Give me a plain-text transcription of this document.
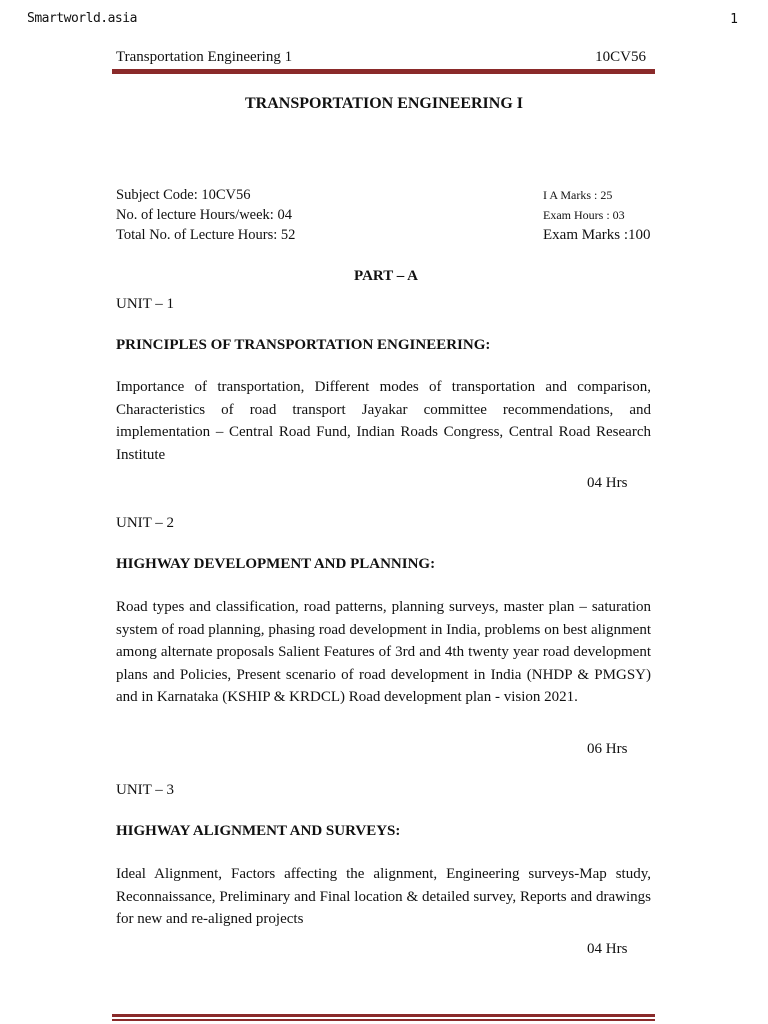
Smartworld.asia	1
Transportation Engineering 1	10CV56
TRANSPORTATION ENGINEERING I
Subject Code: 10CV56
No. of lecture Hours/week: 04
Total No. of Lecture Hours: 52
I A Marks : 25
Exam Hours : 03
Exam Marks :100
PART – A
UNIT – 1
PRINCIPLES OF TRANSPORTATION ENGINEERING:
Importance of transportation, Different modes of transportation and comparison, Characteristics of road transport Jayakar committee recommendations, and implementation – Central Road Fund, Indian Roads Congress, Central Road Research Institute
04 Hrs
UNIT – 2
HIGHWAY DEVELOPMENT AND PLANNING:
Road types and classification, road patterns, planning surveys, master plan – saturation system of road planning, phasing road development in India, problems on best alignment among alternate proposals Salient Features of 3rd and 4th twenty year road development plans and Policies, Present scenario of road development in India (NHDP & PMGSY) and in Karnataka (KSHIP & KRDCL) Road development plan - vision 2021.
06 Hrs
UNIT – 3
HIGHWAY ALIGNMENT AND SURVEYS:
Ideal Alignment, Factors affecting the alignment, Engineering surveys-Map study, Reconnaissance, Preliminary and Final location & detailed survey, Reports and drawings for new and re-aligned projects
04 Hrs
